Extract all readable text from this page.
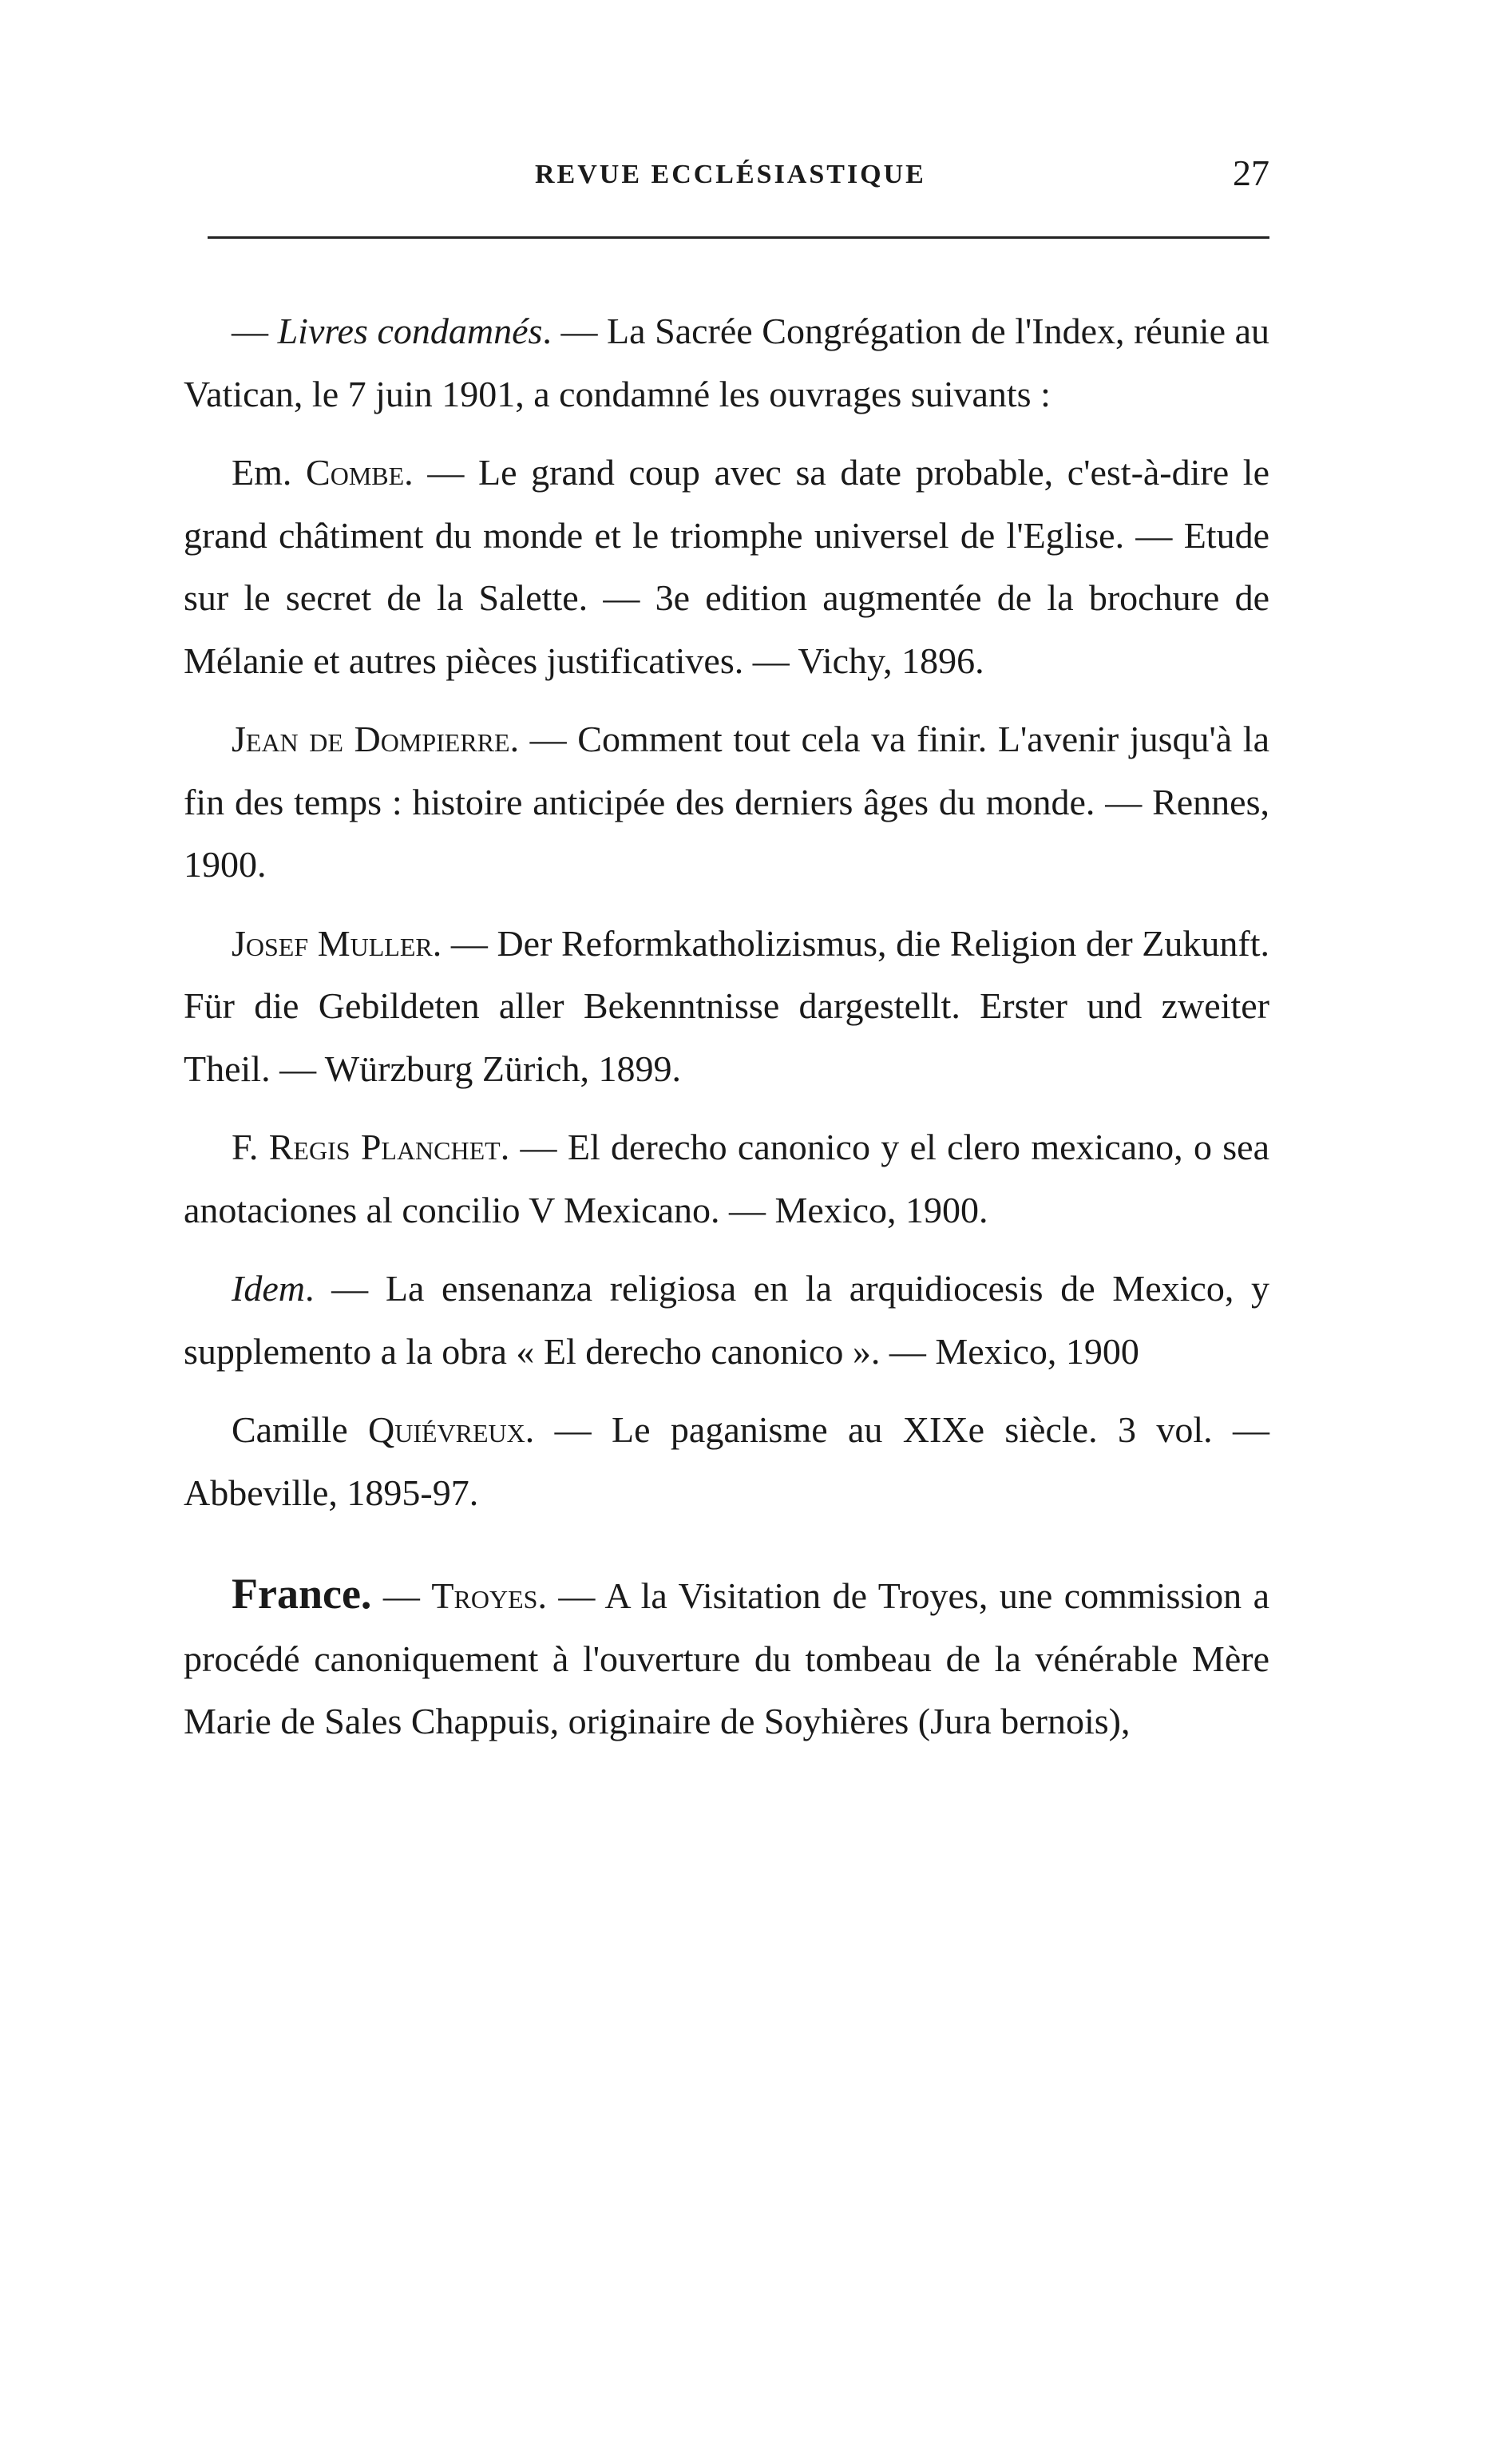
REVUE ECCLÉSIASTIQUE	27

— Livres condamnés. — La Sacrée Congrégation de l'Index, réunie au Vatican, le 7 juin 1901, a condamné les ouvrages suivants :

Em. Combe. — Le grand coup avec sa date probable, c'est-à-dire le grand châtiment du monde et le triomphe universel de l'Eglise. — Etude sur le secret de la Salette. — 3e edition augmentée de la brochure de Mélanie et autres pièces justificatives. — Vichy, 1896.

Jean de Dompierre. — Comment tout cela va finir. L'avenir jusqu'à la fin des temps : histoire anticipée des derniers âges du monde. — Rennes, 1900.

Josef Muller. — Der Reformkatholizismus, die Religion der Zukunft. Für die Gebildeten aller Bekenntnisse dargestellt. Erster und zweiter Theil. — Würzburg Zürich, 1899.

F. Regis Planchet. — El derecho canonico y el clero mexicano, o sea anotaciones al concilio V Mexicano. — Mexico, 1900.

Idem. — La ensenanza religiosa en la arquidiocesis de Mexico, y supplemento a la obra « El derecho canonico ». — Mexico, 1900

Camille Quiévreux. — Le paganisme au XIXe siècle. 3 vol. — Abbeville, 1895-97.

France. — Troyes. — A la Visitation de Troyes, une commission a procédé canoniquement à l'ouverture du tombeau de la vénérable Mère Marie de Sales Chappuis, originaire de Soyhières (Jura bernois),
